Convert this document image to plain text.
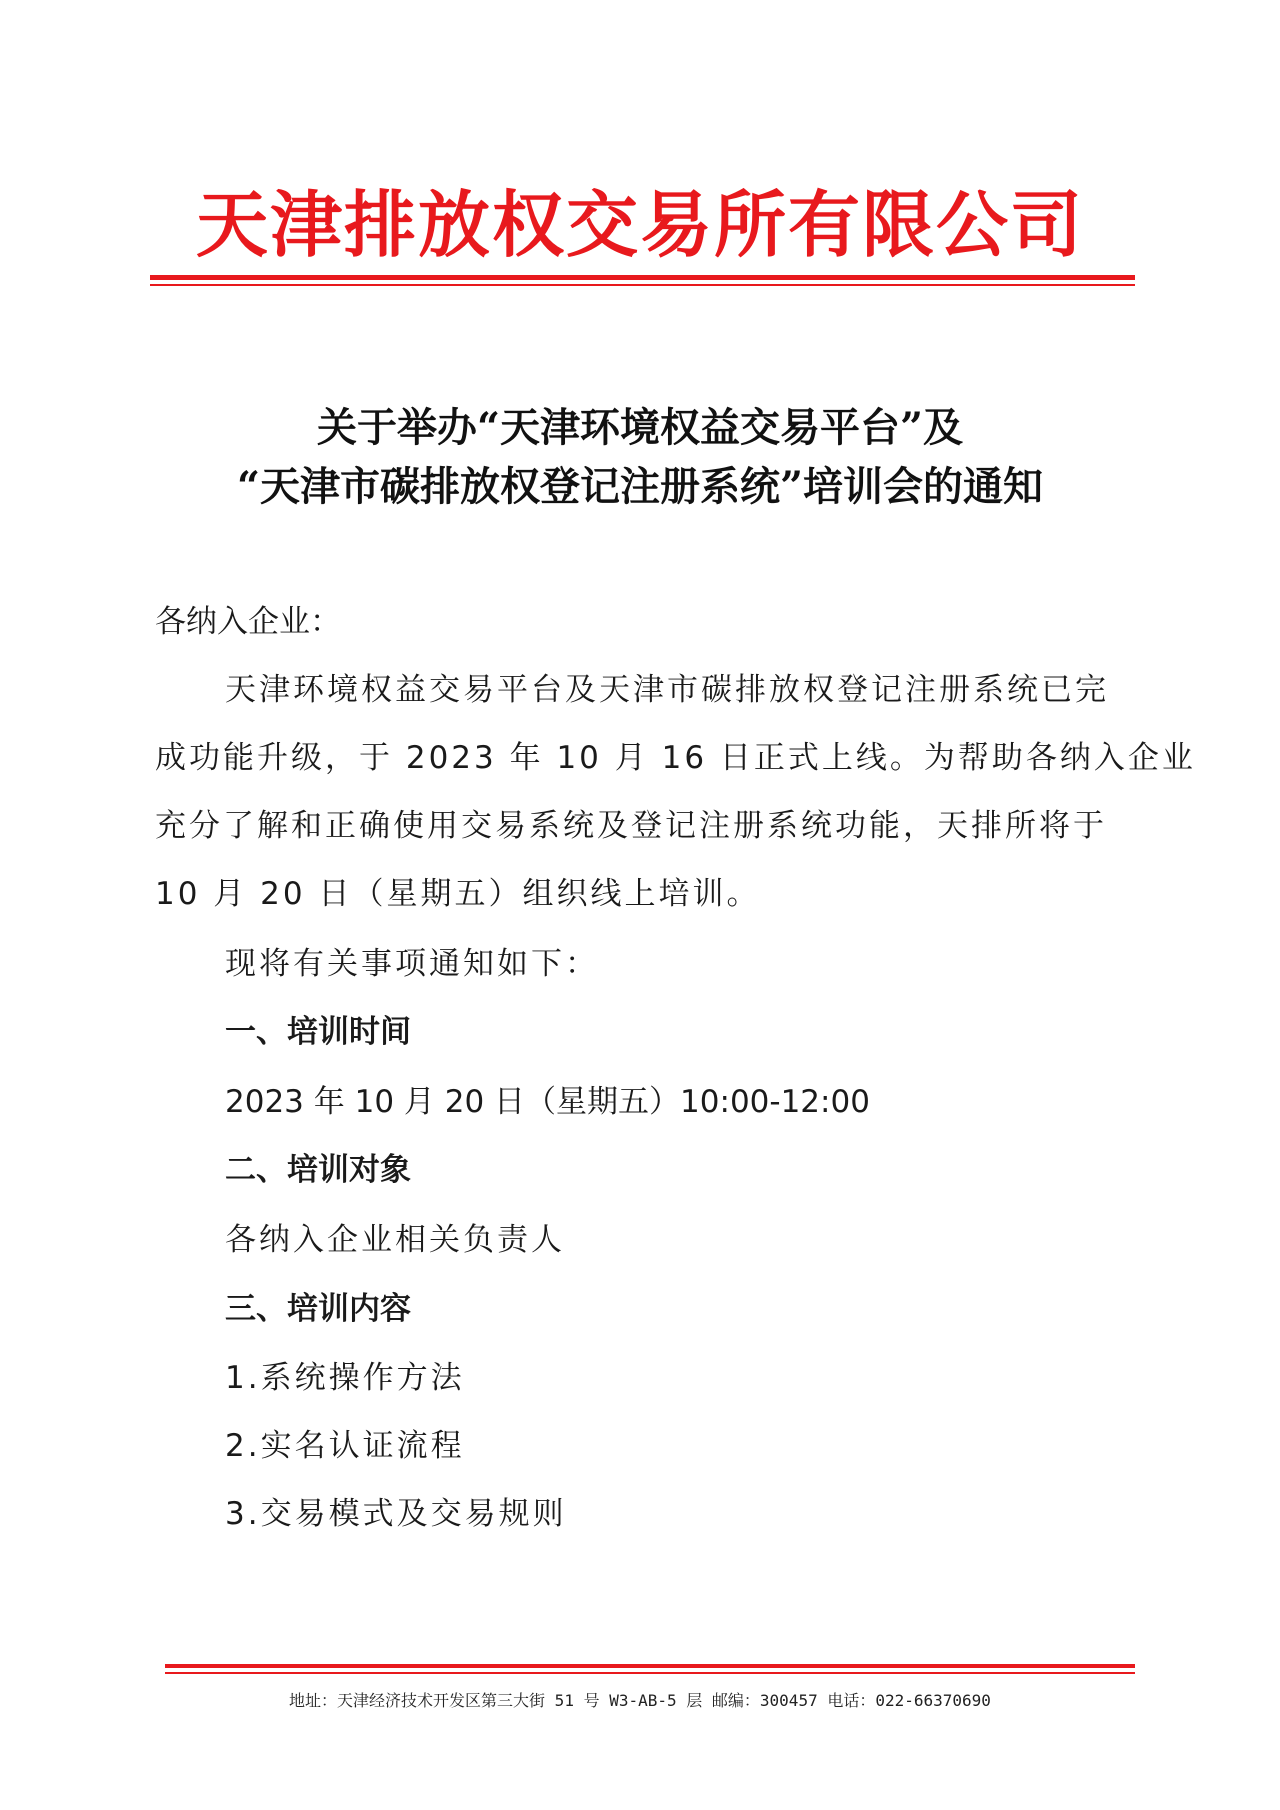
天津排放权交易所有限公司
关于举办“天津环境权益交易平台”及
“天津市碳排放权登记注册系统”培训会的通知
各纳入企业：
天津环境权益交易平台及天津市碳排放权登记注册系统已完
成功能升级，于 2023 年 10 月 16 日正式上线。为帮助各纳入企业
充分了解和正确使用交易系统及登记注册系统功能，天排所将于
10 月 20 日（星期五）组织线上培训。
现将有关事项通知如下：
一、培训时间
2023 年 10 月 20 日（星期五）10:00-12:00
二、培训对象
各纳入企业相关负责人
三、培训内容
1.系统操作方法
2.实名认证流程
3.交易模式及交易规则
地址：天津经济技术开发区第三大街 51 号 W3-AB-5 层 邮编：300457 电话：022-66370690
